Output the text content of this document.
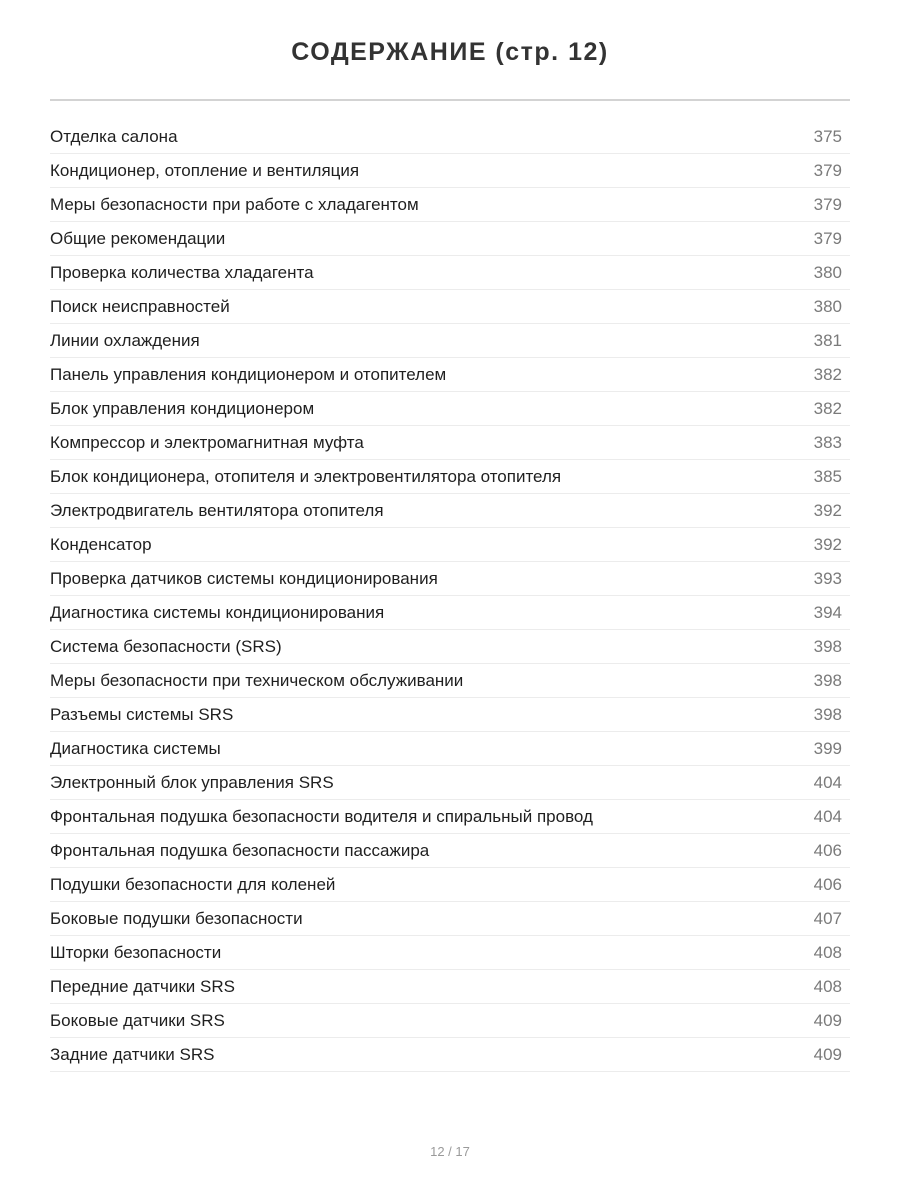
СОДЕРЖАНИЕ (стр. 12)
Отделка салона	375
Кондиционер, отопление и вентиляция	379
Меры безопасности при работе с хладагентом	379
Общие рекомендации	379
Проверка количества хладагента	380
Поиск неисправностей	380
Линии охлаждения	381
Панель управления кондиционером и отопителем	382
Блок управления кондиционером	382
Компрессор и электромагнитная муфта	383
Блок кондиционера, отопителя и электровентилятора отопителя	385
Электродвигатель вентилятора отопителя	392
Конденсатор	392
Проверка датчиков системы кондиционирования	393
Диагностика системы кондиционирования	394
Система безопасности (SRS)	398
Меры безопасности при техническом обслуживании	398
Разъемы системы SRS	398
Диагностика системы	399
Электронный блок управления SRS	404
Фронтальная подушка безопасности водителя и спиральный провод	404
Фронтальная подушка безопасности пассажира	406
Подушки безопасности для коленей	406
Боковые подушки безопасности	407
Шторки безопасности	408
Передние датчики SRS	408
Боковые датчики SRS	409
Задние датчики SRS	409
12 / 17
